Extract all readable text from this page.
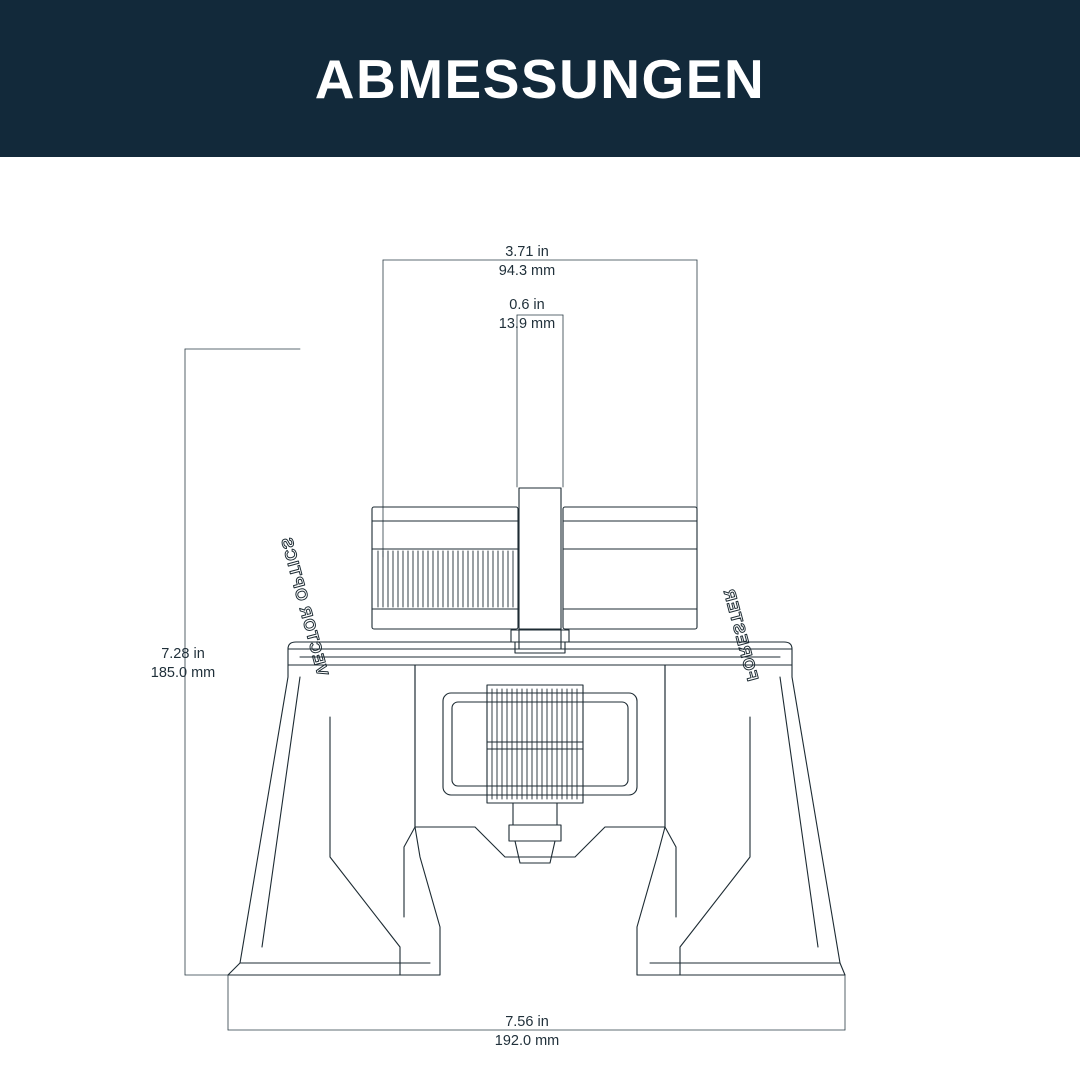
ABMESSUNGEN
VECTOR OPTICS	FORESTER
3.71 in
94.3 mm
0.6 in
13.9 mm
7.28 in
185.0 mm
7.56 in
192.0 mm
